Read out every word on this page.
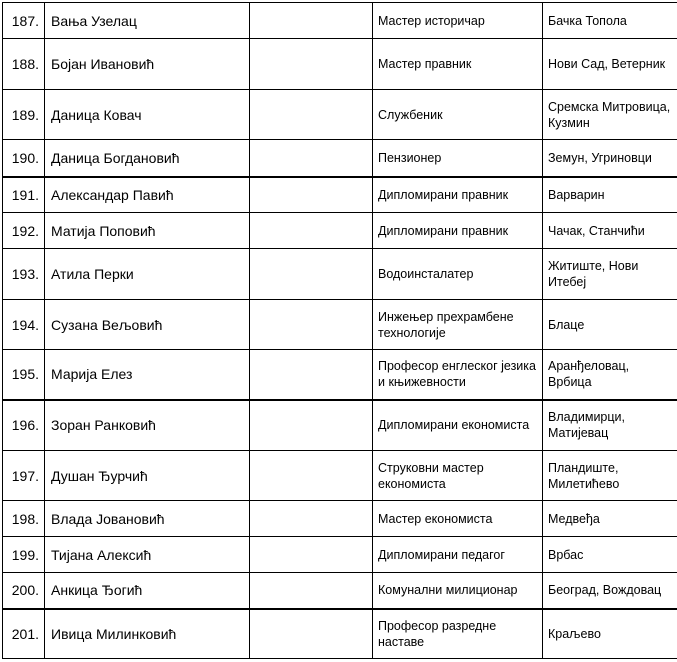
187.	Вања Узелац		Мастер историчар	Бачка Топола
188.	Бојан Ивановић		Мастер правник	Нови Сад, Ветерник
189.	Даница Ковач		Службеник	Сремска Митровица, Кузмин
190.	Даница Богдановић		Пензионер	Земун, Угриновци
191.	Александар Павић		Дипломирани правник	Варварин
192.	Матија Поповић		Дипломирани правник	Чачак, Станчићи
193.	Атила Перки		Водоинсталатер	Житиште, Нови Итебеј
194.	Сузана Вељовић		Инжењер прехрамбене технологије	Блаце
195.	Марија Елез		Професор енглеског језика и књижевности	Аранђеловац, Врбица
196.	Зоран Ранковић		Дипломирани економиста	Владимирци, Матијевац
197.	Душан Ђурчић		Струковни мастер економиста	Пландиште, Милетићево
198.	Влада Јовановић		Мастер економиста	Медвеђа
199.	Тијана Алексић		Дипломирани педагог	Врбас
200.	Анкица Ђогић		Комунални милиционар	Београд, Вождовац
201.	Ивица Милинковић		Професор разредне наставе	Краљево
